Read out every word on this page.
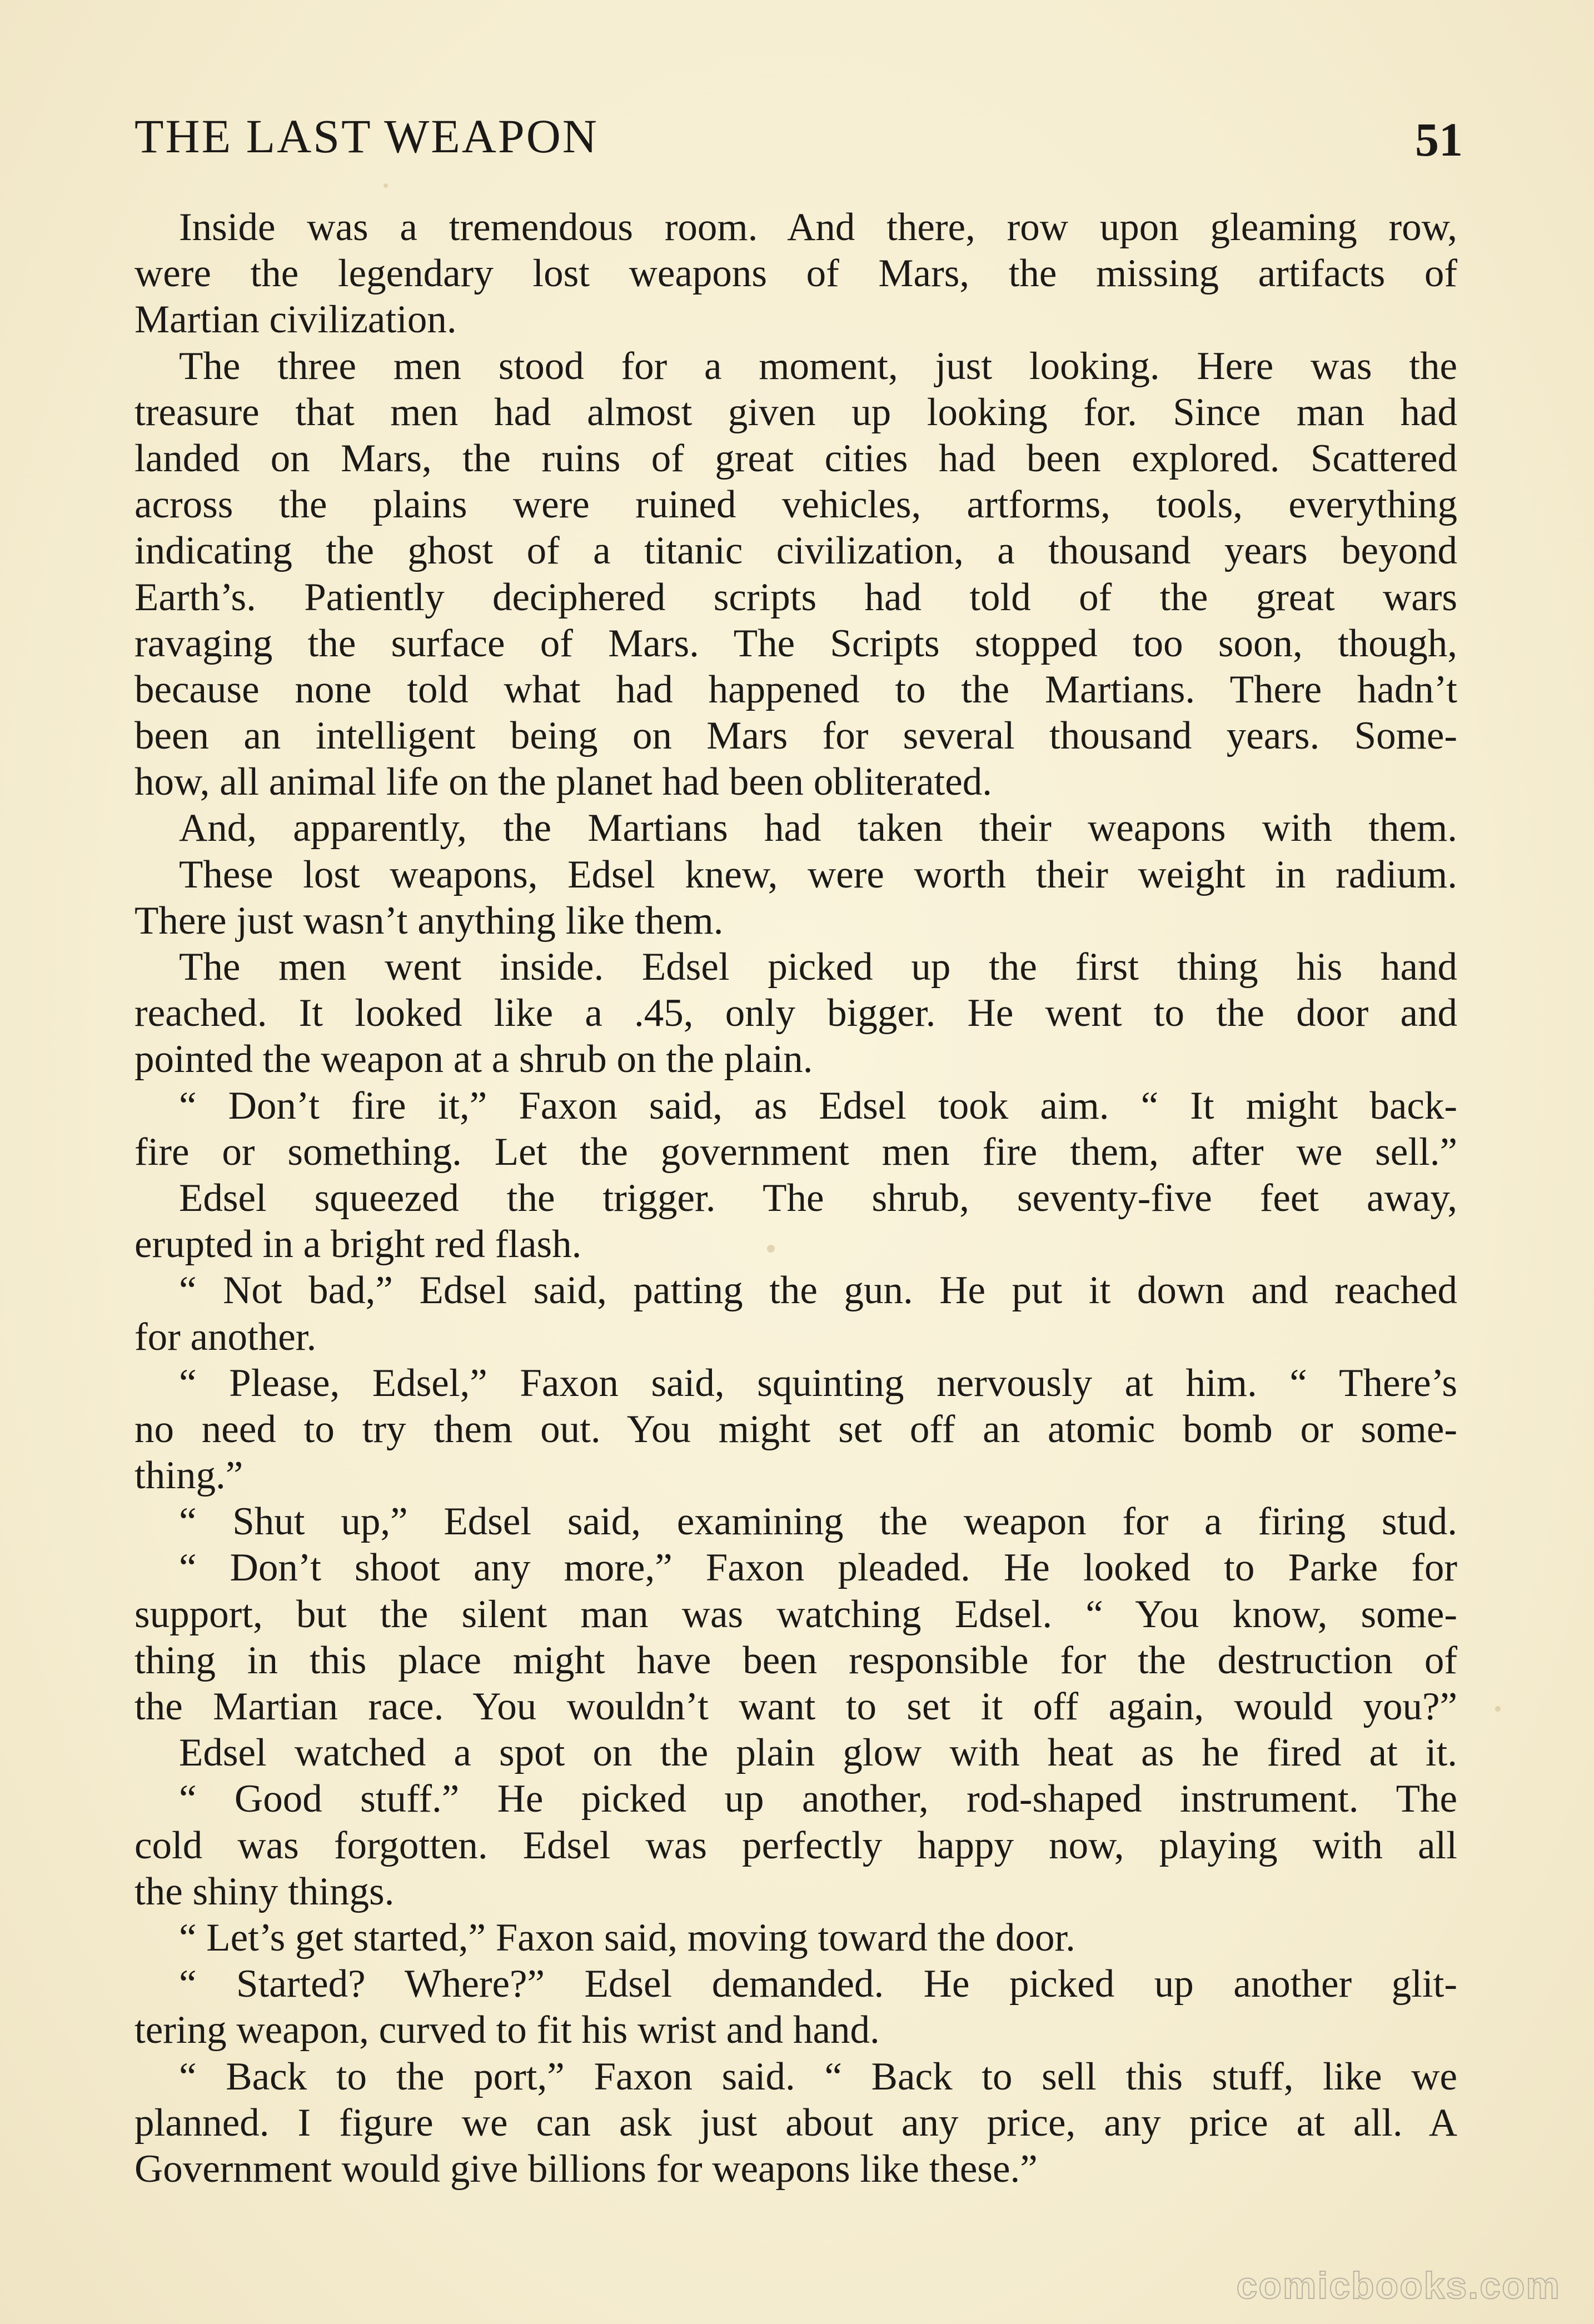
THE LAST WEAPON	51
Inside was a tremendous room. And there, row upon gleaming row,
were the legendary lost weapons of Mars, the missing artifacts of
Martian civilization.
The three men stood for a moment, just looking. Here was the
treasure that men had almost given up looking for. Since man had
landed on Mars, the ruins of great cities had been explored. Scattered
across the plains were ruined vehicles, artforms, tools, everything
indicating the ghost of a titanic civilization, a thousand years beyond
Earth’s. Patiently deciphered scripts had told of the great wars
ravaging the surface of Mars. The Scripts stopped too soon, though,
because none told what had happened to the Martians. There hadn’t
been an intelligent being on Mars for several thousand years. Some-
how, all animal life on the planet had been obliterated.
And, apparently, the Martians had taken their weapons with them.
These lost weapons, Edsel knew, were worth their weight in radium.
There just wasn’t anything like them.
The men went inside. Edsel picked up the first thing his hand
reached. It looked like a .45, only bigger. He went to the door and
pointed the weapon at a shrub on the plain.
“ Don’t fire it,” Faxon said, as Edsel took aim. “ It might back-
fire or something. Let the government men fire them, after we sell.”
Edsel squeezed the trigger. The shrub, seventy-five feet away,
erupted in a bright red flash.
“ Not bad,” Edsel said, patting the gun. He put it down and reached
for another.
“ Please, Edsel,” Faxon said, squinting nervously at him. “ There’s
no need to try them out. You might set off an atomic bomb or some-
thing.”
“ Shut up,” Edsel said, examining the weapon for a firing stud.
“ Don’t shoot any more,” Faxon pleaded. He looked to Parke for
support, but the silent man was watching Edsel. “ You know, some-
thing in this place might have been responsible for the destruction of
the Martian race. You wouldn’t want to set it off again, would you?”
Edsel watched a spot on the plain glow with heat as he fired at it.
“ Good stuff.” He picked up another, rod-shaped instrument. The
cold was forgotten. Edsel was perfectly happy now, playing with all
the shiny things.
“ Let’s get started,” Faxon said, moving toward the door.
“ Started? Where?” Edsel demanded. He picked up another glit-
tering weapon, curved to fit his wrist and hand.
“ Back to the port,” Faxon said. “ Back to sell this stuff, like we
planned. I figure we can ask just about any price, any price at all. A
Government would give billions for weapons like these.”
comicbooks.com
